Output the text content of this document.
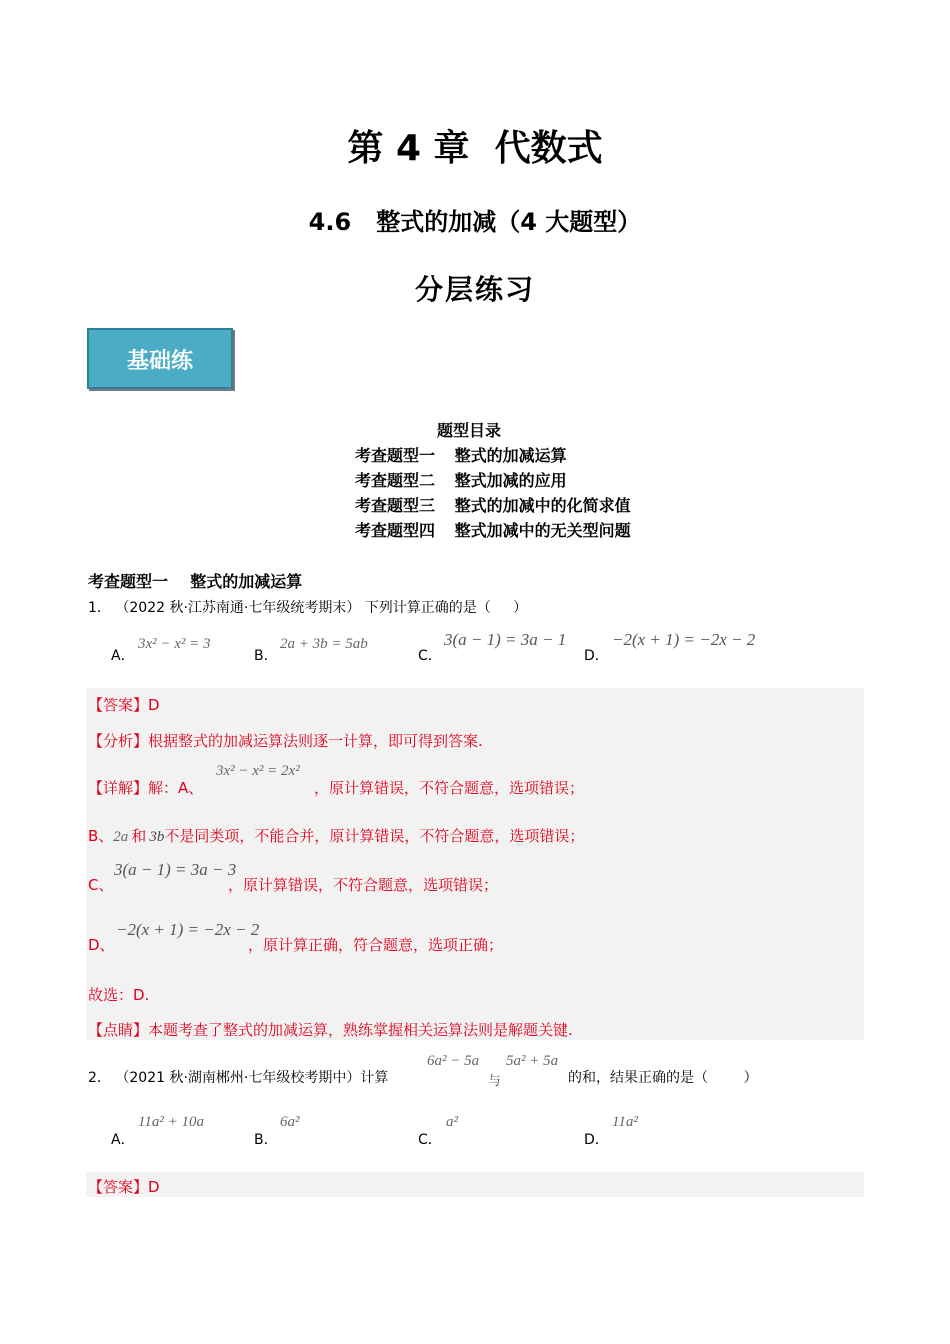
第 4 章  代数式
4.6   整式的加减（4 大题型）
分层练习
基础练
题型目录
考查题型一 整式的加减运算
考查题型二 整式加减的应用
考查题型三 整式的加减中的化简求值
考查题型四 整式加减中的无关型问题
考查题型一    整式的加减运算
1． （2022 秋·江苏南通·七年级统考期末） 下列计算正确的是（     ）
A．
3x² − x² = 3
B．
2a + 3b = 5ab
C．
3(a − 1) = 3a − 1
D．
−2(x + 1) = −2x − 2
【答案】D
【分析】根据整式的加减运算法则逐一计算，即可得到答案.
【详解】解：A、
3x² − x² = 2x²
，原计算错误，不符合题意，选项错误；
B、2a 和 3b不是同类项，不能合并，原计算错误，不符合题意，选项错误；
C、
3(a − 1) = 3a − 3
，原计算错误，不符合题意，选项错误；
D、
−2(x + 1) = −2x − 2
，原计算正确，符合题意，选项正确；
故选：D.
【点睛】本题考查了整式的加减运算，熟练掌握相关运算法则是解题关键.
2． （2021 秋·湖南郴州·七年级校考期中）计算
6a² − 5a
与
5a² + 5a
的和，结果正确的是（        ）
A．
11a² + 10a
B．
6a²
C．
a²
D．
11a²
【答案】D
